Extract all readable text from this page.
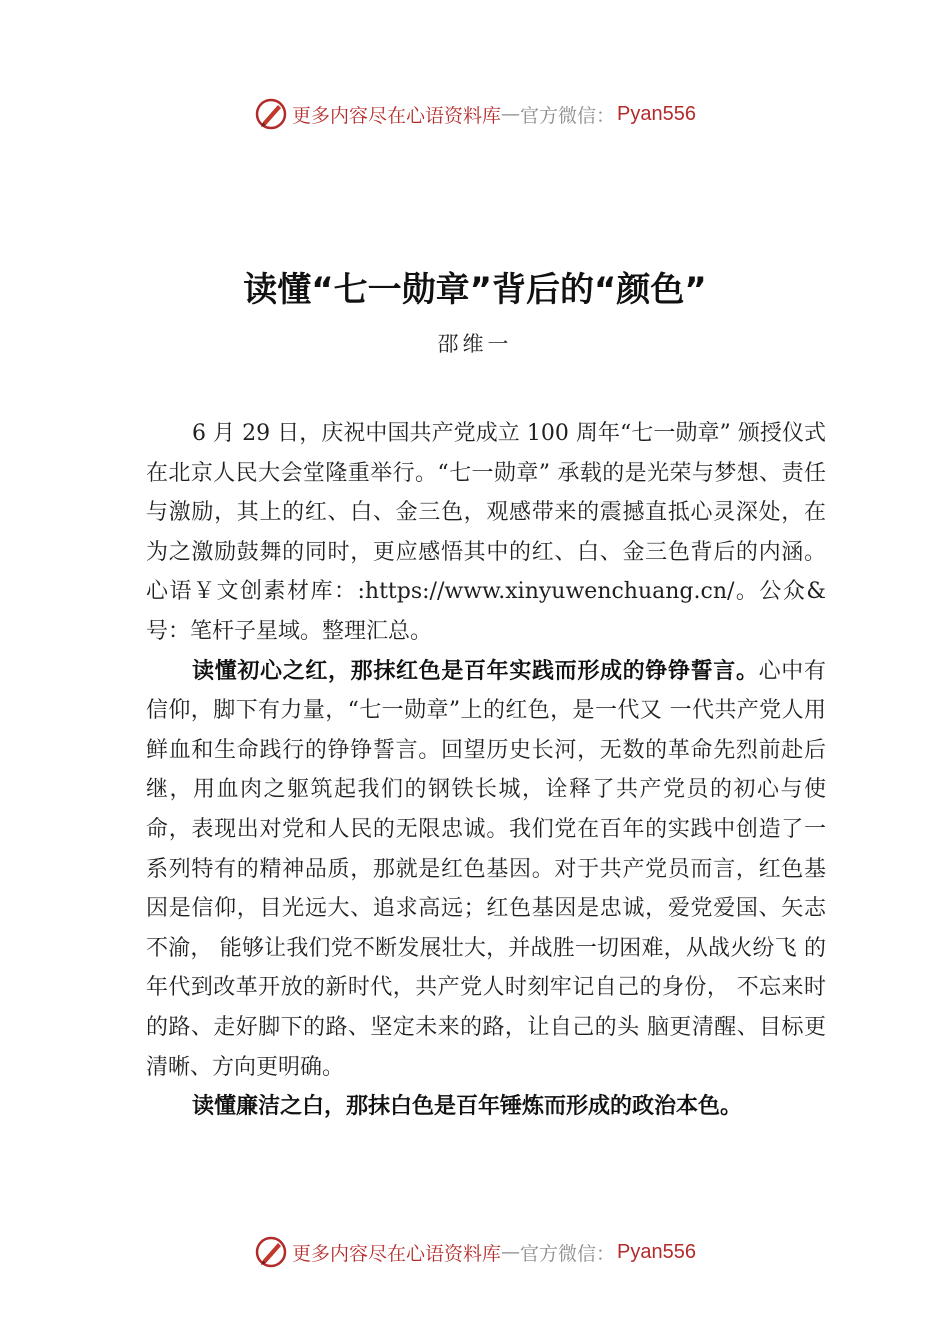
更多内容尽在心语资料库 — 官方微信： Pyan556
读懂“七一勋章”背后的“颜色”
邵维一

6 月 29 日，庆祝中国共产党成立 100 周年“七一勋章” 颁授仪式在北京人民大会堂隆重举行。“七一勋章” 承载的是光荣与梦想、责任与激励，其上的红、白、金三色，观感带来的震撼直抵心灵深处，在为之激励鼓舞的同时，更应感悟其中的红、白、金三色背后的内涵。心语￥文创素材库：:https://www.xinyuwenchuang.cn/。公众&号：笔杆子星域。整理汇总。

读懂初心之红，那抹红色是百年实践而形成的铮铮誓言。心中有信仰，脚下有力量，“七一勋章”上的红色，是一代又 一代共产党人用鲜血和生命践行的铮铮誓言。回望历史长河，无数的革命先烈前赴后继，用血肉之躯筑起我们的钢铁长城，诠释了共产党员的初心与使命，表现出对党和人民的无限忠诚。我们党在百年的实践中创造了一系列特有的精神品质，那就是红色基因。对于共产党员而言，红色基因是信仰，目光远大、追求高远；红色基因是忠诚，爱党爱国、矢志不渝， 能够让我们党不断发展壮大，并战胜一切困难，从战火纷飞 的年代到改革开放的新时代，共产党人时刻牢记自己的身份， 不忘来时的路、走好脚下的路、坚定未来的路，让自己的头 脑更清醒、目标更清晰、方向更明确。

读懂廉洁之白，那抹白色是百年锤炼而形成的政治本色。

更多内容尽在心语资料库 — 官方微信： Pyan556
